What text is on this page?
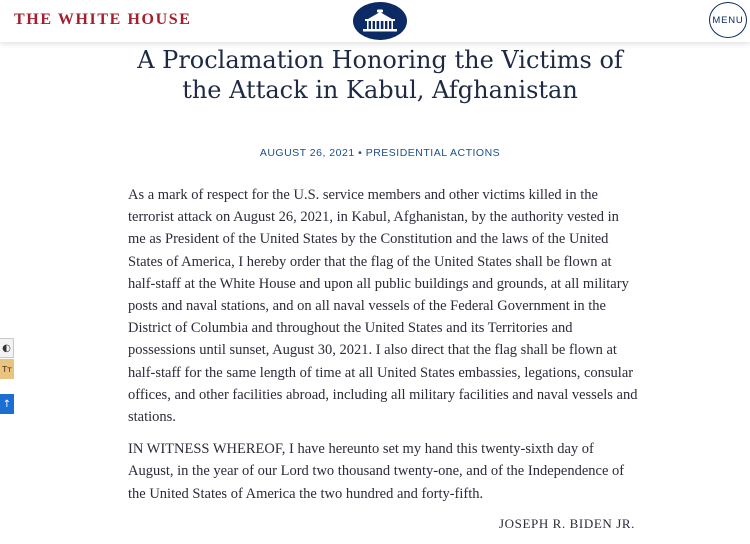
THE WHITE HOUSE	MENU
A Proclamation Honoring the Victims of the Attack in Kabul, Afghanistan
AUGUST 26, 2021 • PRESIDENTIAL ACTIONS

As a mark of respect for the U.S. service members and other victims killed in the terrorist attack on August 26, 2021, in Kabul, Afghanistan, by the authority vested in me as President of the United States by the Constitution and the laws of the United States of America, I hereby order that the flag of the United States shall be flown at half-staff at the White House and upon all public buildings and grounds, at all military posts and naval stations, and on all naval vessels of the Federal Government in the District of Columbia and throughout the United States and its Territories and possessions until sunset, August 30, 2021. I also direct that the flag shall be flown at half-staff for the same length of time at all United States embassies, legations, consular offices, and other facilities abroad, including all military facilities and naval vessels and stations.

IN WITNESS WHEREOF, I have hereunto set my hand this twenty-sixth day of August, in the year of our Lord two thousand twenty-one, and of the Independence of the United States of America the two hundred and forty-fifth.

JOSEPH R. BIDEN JR.
◐
Tт
↑
